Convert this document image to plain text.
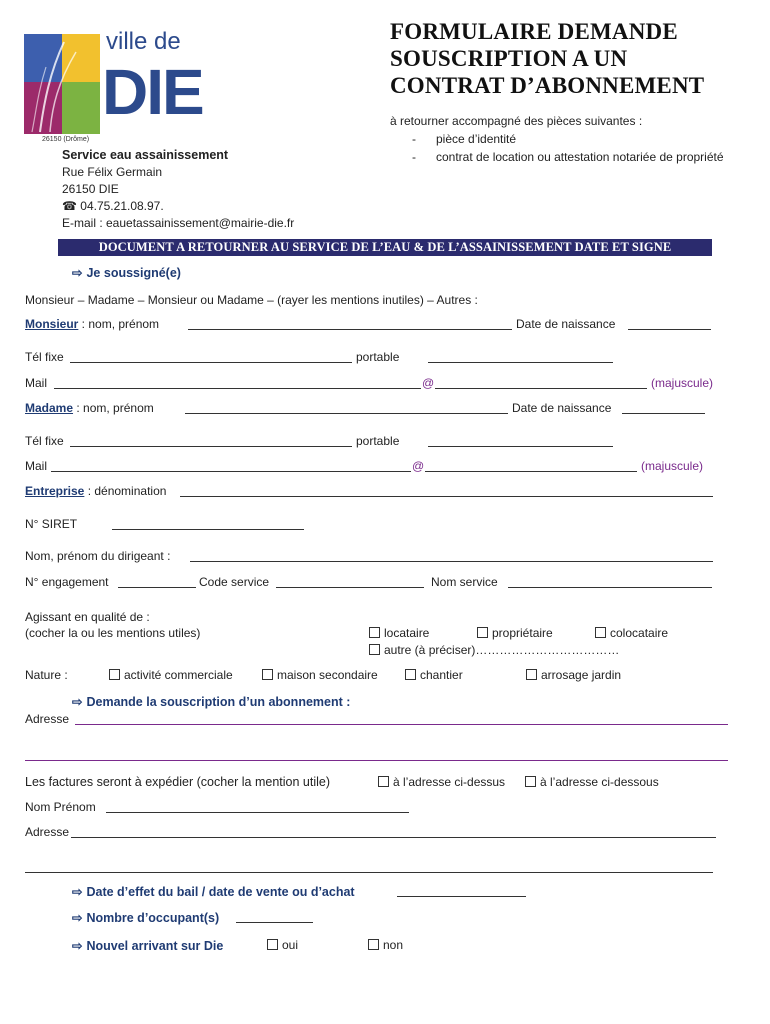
ville de
DIE
26150 (Drôme)
FORMULAIRE DEMANDE
SOUSCRIPTION A UN
CONTRAT D’ABONNEMENT
à retourner accompagné des pièces suivantes :
- pièce d’identité
- contrat de location ou attestation notariée de propriété
Service eau assainissement
Rue Félix Germain
26150 DIE
☎ 04.75.21.08.97.
E-mail : eauetassainissement@mairie-die.fr
DOCUMENT A RETOURNER AU SERVICE DE L’EAU & DE L’ASSAINISSEMENT DATE ET SIGNE
⇨ Je soussigné(e)
Monsieur – Madame – Monsieur ou Madame – (rayer les mentions inutiles) – Autres :
Monsieur : nom, prénom	Date de naissance
Tél fixe	portable
Mail	@	(majuscule)
Madame : nom, prénom	Date de naissance
Tél fixe	portable
Mail	@	(majuscule)
Entreprise : dénomination
N° SIRET
Nom, prénom du dirigeant :
N° engagement	Code service	Nom service
Agissant en qualité de :
(cocher la ou les mentions utiles)	locataire	propriétaire	colocataire
autre (à préciser)………………………………
Nature :	activité commerciale	maison secondaire	chantier	arrosage jardin
⇨ Demande la souscription d’un abonnement :
Adresse
Les factures seront à expédier (cocher la mention utile)	à l’adresse ci-dessus	à l’adresse ci-dessous
Nom Prénom
Adresse
⇨ Date d’effet du bail / date de vente ou d’achat
⇨ Nombre d’occupant(s)
⇨ Nouvel arrivant sur Die	oui	non
